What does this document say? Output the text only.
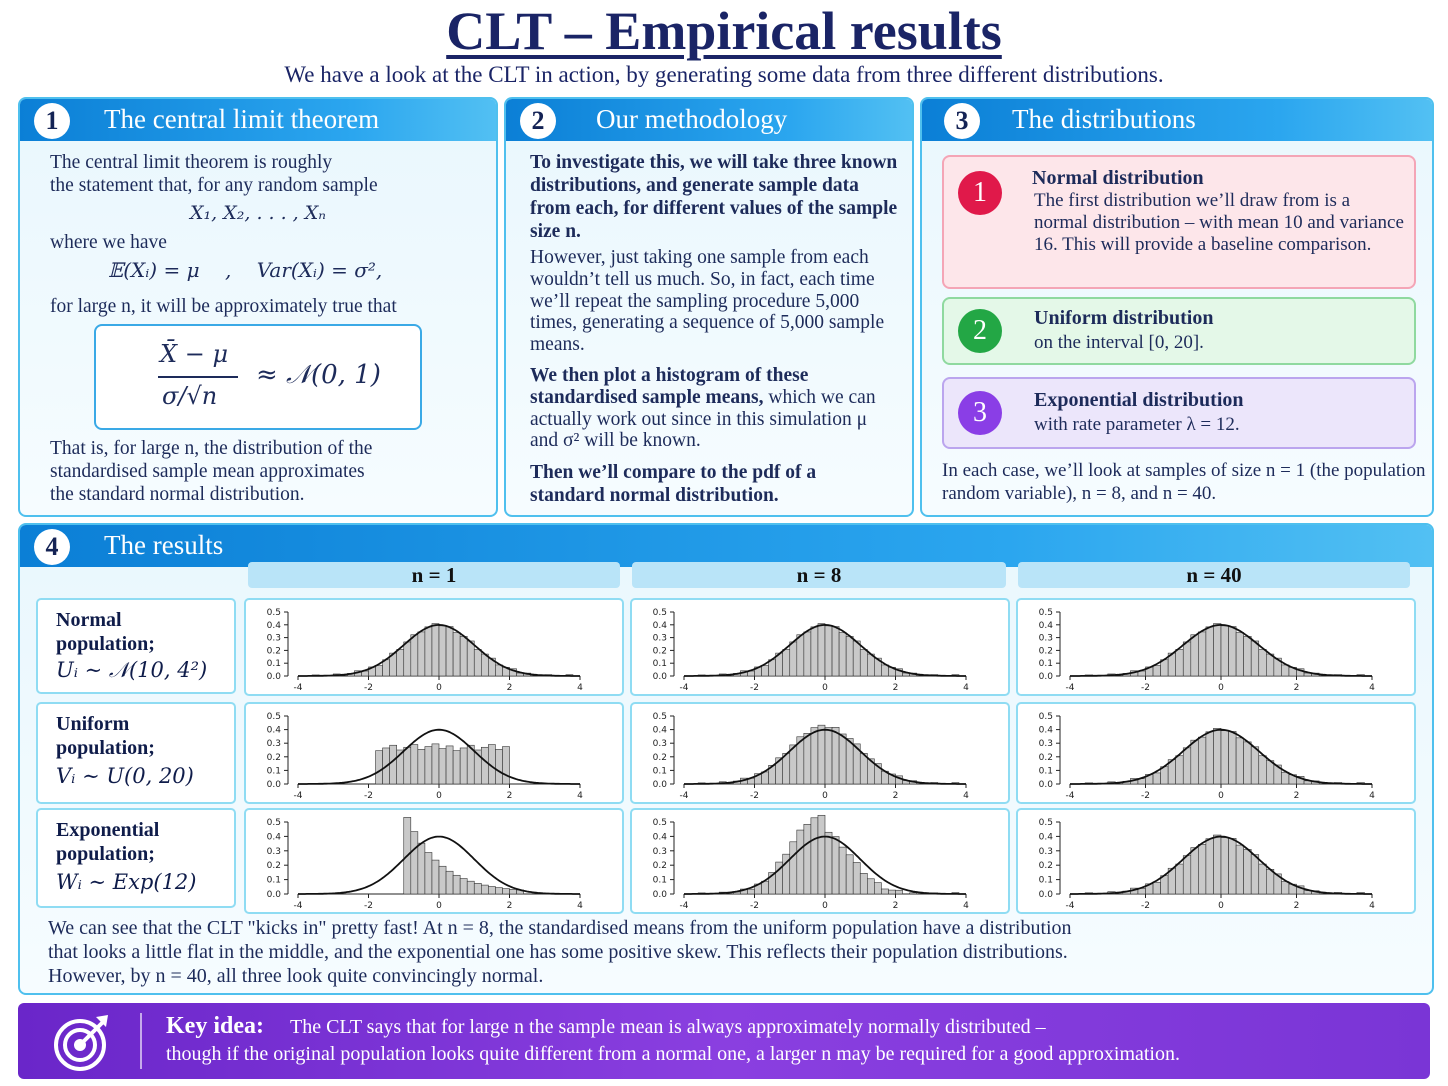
CLT – Empirical results
We have a look at the CLT in action, by generating some data from three different distributions.
1	The central limit theorem
The central limit theorem is roughly
the statement that, for any random sample
X₁, X₂, . . . , Xₙ
where we have
𝔼(Xᵢ) = μ    ,    Var(Xᵢ) = σ²,
for large n, it will be approximately true that
X̄ − μ
σ/√n
≈ 𝒩(0, 1)
That is, for large n, the distribution of the
standardised sample mean approximates
the standard normal distribution.
2	Our methodology
To investigate this, we will take three known distributions, and generate sample data from each, for different values of the sample size n.
However, just taking one sample from each wouldn’t tell us much. So, in fact, each time we’ll repeat the sampling procedure 5,000 times, generating a sequence of 5,000 sample means.
We then plot a histogram of these standardised sample means, which we can actually work out since in this simulation μ and σ² will be known.
Then we’ll compare to the pdf of a standard normal distribution.
3	The distributions
1	Normal distribution
The first distribution we’ll draw from is a normal distribution – with mean 10 and variance 16. This will provide a baseline comparison.
2	Uniform distribution
on the interval [0, 20].
3	Exponential distribution
with rate parameter λ = 12.
In each case, we’ll look at samples of size n = 1 (the population random variable), n = 8, and n = 40.
4	The results
We can see that the CLT "kicks in" pretty fast! At n = 8, the standardised means from the uniform population have a distribution
that looks a little flat in the middle, and the exponential one has some positive skew. This reflects their population distributions.
However, by n = 40, all three look quite convincingly normal.
n = 1	n = 8	n = 40
Normal
population;
Uᵢ ∼ 𝒩(10, 4²)
Uniform
population;
Vᵢ ∼ U(0, 20)
Exponential
population;
Wᵢ ∼ Exp(12)
0.0
0.1
0.2
0.3
0.4
0.5
-4	-2	0	2	4
0.0
0.1
0.2
0.3
0.4
0.5
-4	-2	0	2	4
0.0
0.1
0.2
0.3
0.4
0.5
-4	-2	0	2	4
0.0
0.1
0.2
0.3
0.4
0.5
-4	-2	0	2	4
0.0
0.1
0.2
0.3
0.4
0.5
-4	-2	0	2	4
0.0
0.1
0.2
0.3
0.4
0.5
-4	-2	0	2	4
0.0
0.1
0.2
0.3
0.4
0.5
-4	-2	0	2	4
0.0
0.1
0.2
0.3
0.4
0.5
-4	-2	0	2	4
0.0
0.1
0.2
0.3
0.4
0.5
-4	-2	0	2	4
Key idea: The CLT says that for large n the sample mean is always approximately normally distributed –
though if the original population looks quite different from a normal one, a larger n may be required for a good approximation.
